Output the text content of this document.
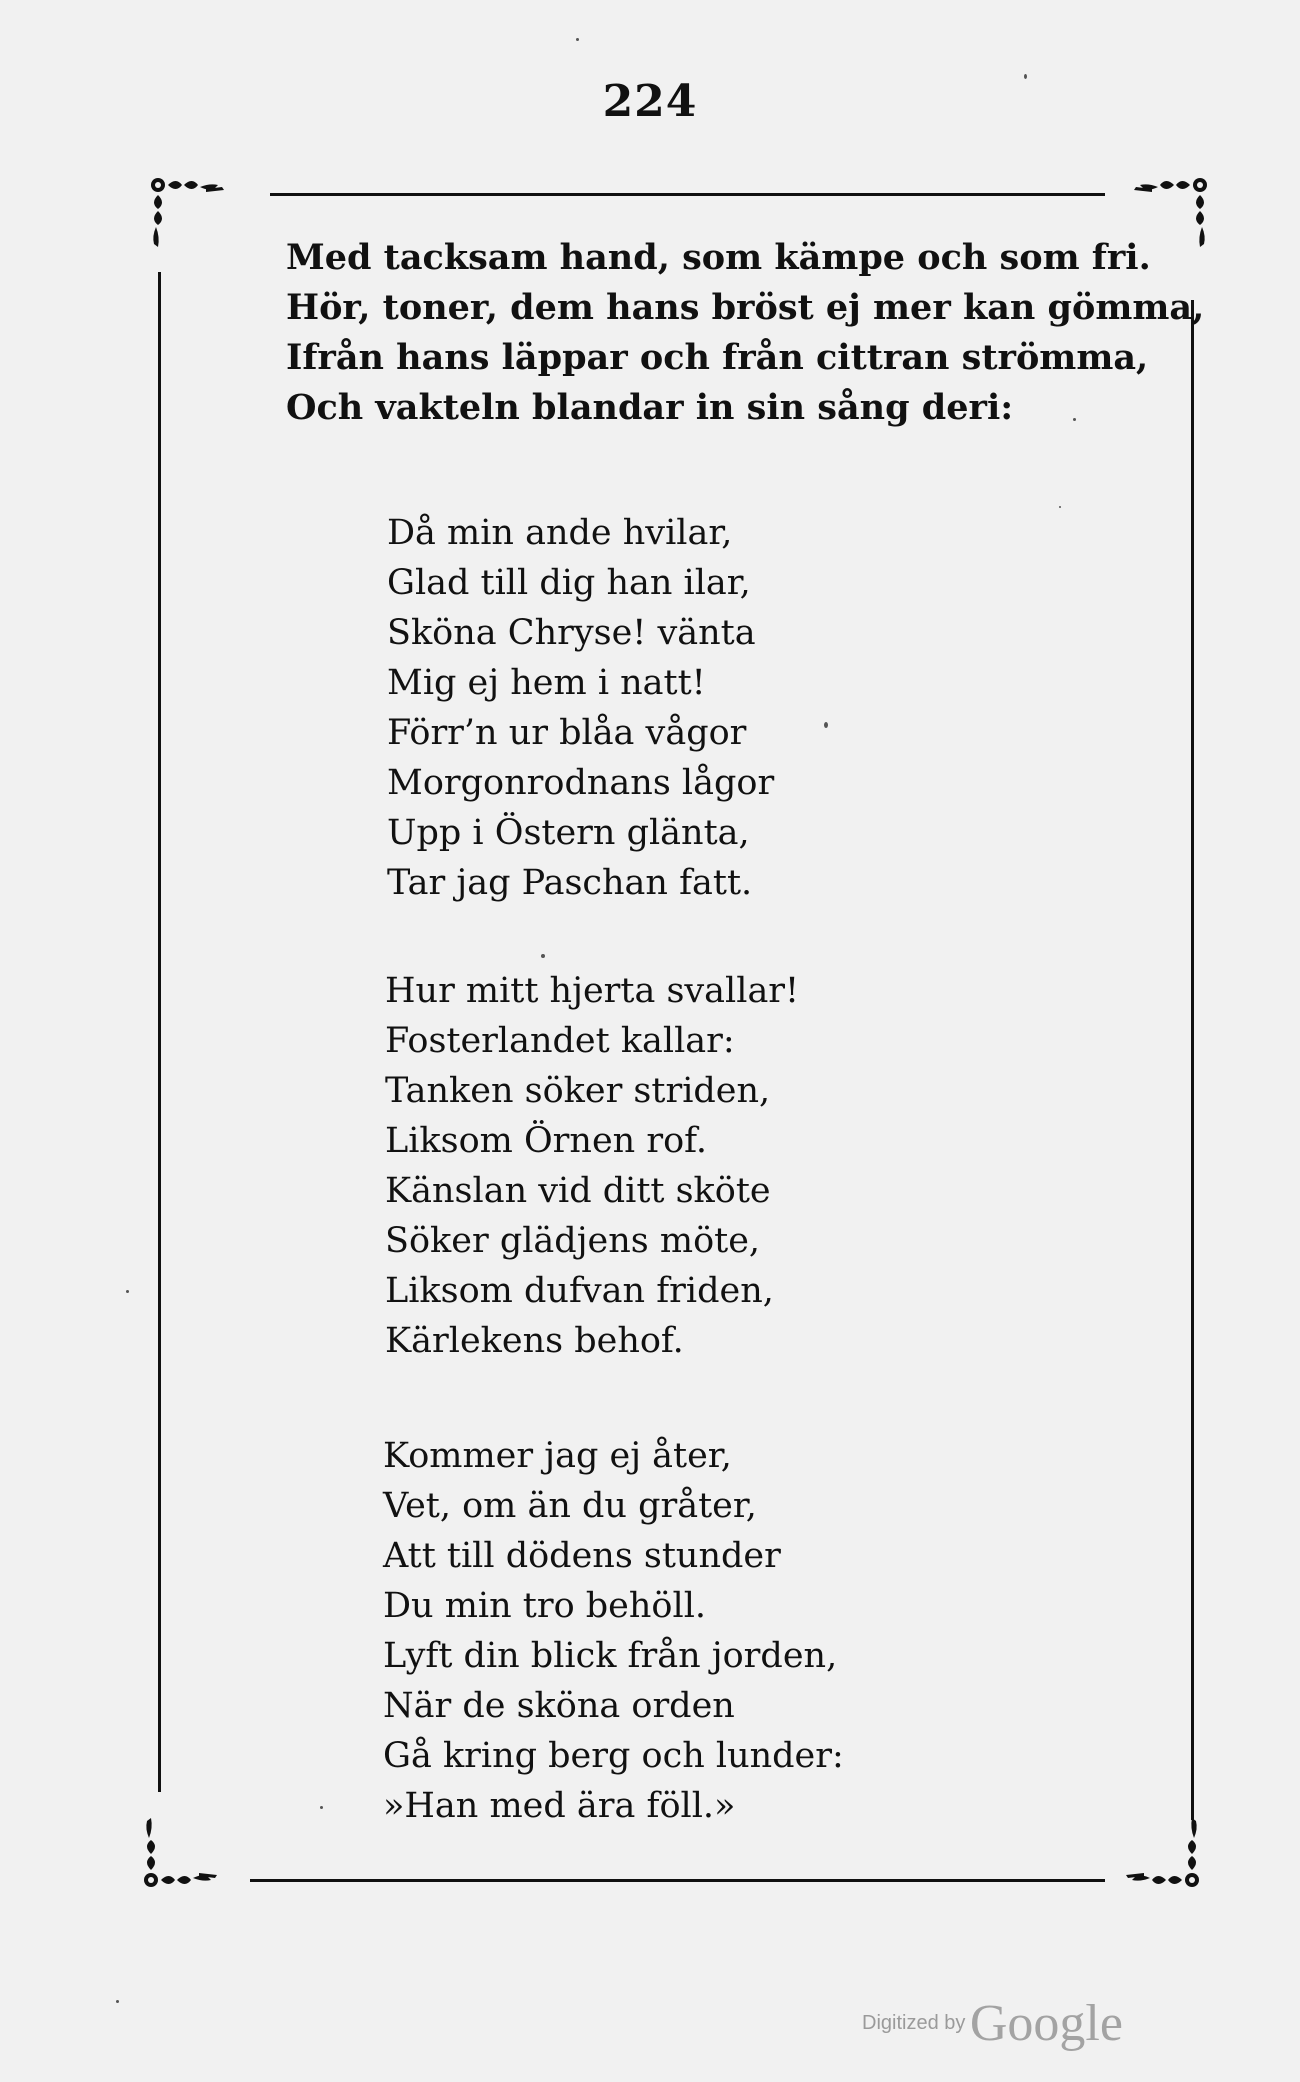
224
Med tacksam hand, som kämpe och som fri.
Hör, toner, dem hans bröst ej mer kan gömma,
Ifrån hans läppar och från cittran strömma,
Och vakteln blandar in sin sång deri:
Då min ande hvilar,
Glad till dig han ilar,
Sköna Chryse! vänta
Mig ej hem i natt!
Förr’n ur blåa vågor
Morgonrodnans lågor
Upp i Östern glänta,
Tar jag Paschan fatt.
Hur mitt hjerta svallar!
Fosterlandet kallar:
Tanken söker striden,
Liksom Örnen rof.
Känslan vid ditt sköte
Söker glädjens möte,
Liksom dufvan friden,
Kärlekens behof.
Kommer jag ej åter,
Vet, om än du gråter,
Att till dödens stunder
Du min tro behöll.
Lyft din blick från jorden,
När de sköna orden
Gå kring berg och lunder:
»Han med ära föll.»
Digitized by Google
